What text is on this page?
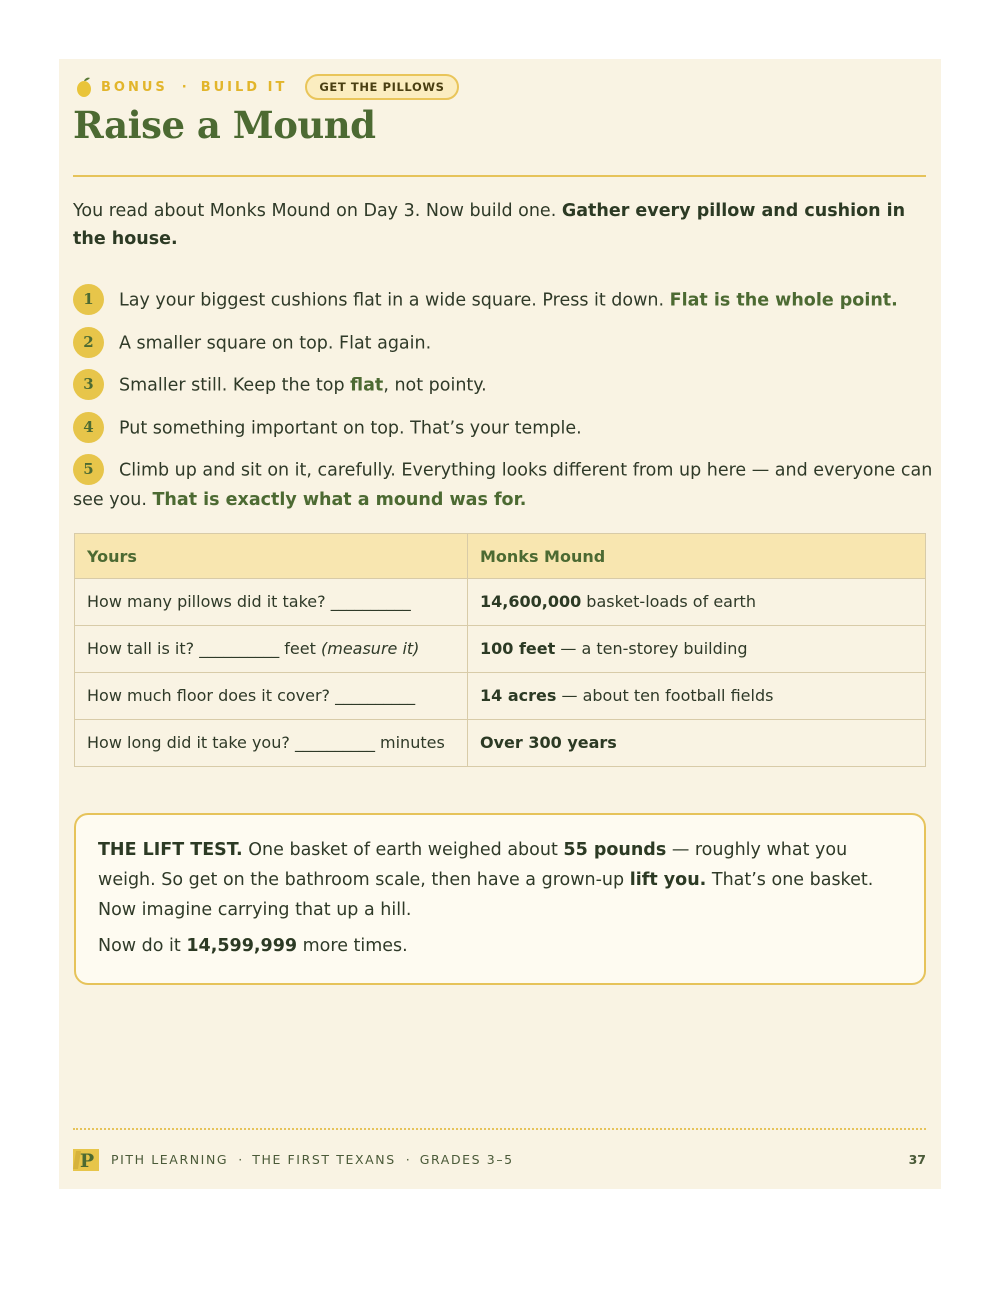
BONUS · BUILD IT	GET THE PILLOWS
Raise a Mound

You read about Monks Mound on Day 3. Now build one. Gather every pillow and cushion in the house.

1 Lay your biggest cushions flat in a wide square. Press it down. Flat is the whole point.
2 A smaller square on top. Flat again.
3 Smaller still. Keep the top flat, not pointy.
4 Put something important on top. That’s your temple.
5 Climb up and sit on it, carefully. Everything looks different from up here — and everyone can see you. That is exactly what a mound was for.
Yours	Monks Mound
How many pillows did it take? __________	14,600,000 basket-loads of earth
How tall is it? __________ feet (measure it)	100 feet — a ten-storey building
How much floor does it cover? __________	14 acres — about ten football fields
How long did it take you? __________ minutes	Over 300 years

THE LIFT TEST. One basket of earth weighed about 55 pounds — roughly what you weigh. So get on the bathroom scale, then have a grown-up lift you. That’s one basket. Now imagine carrying that up a hill.

Now do it 14,599,999 more times.

P PITH LEARNING · THE FIRST TEXANS · GRADES 3–5	37
